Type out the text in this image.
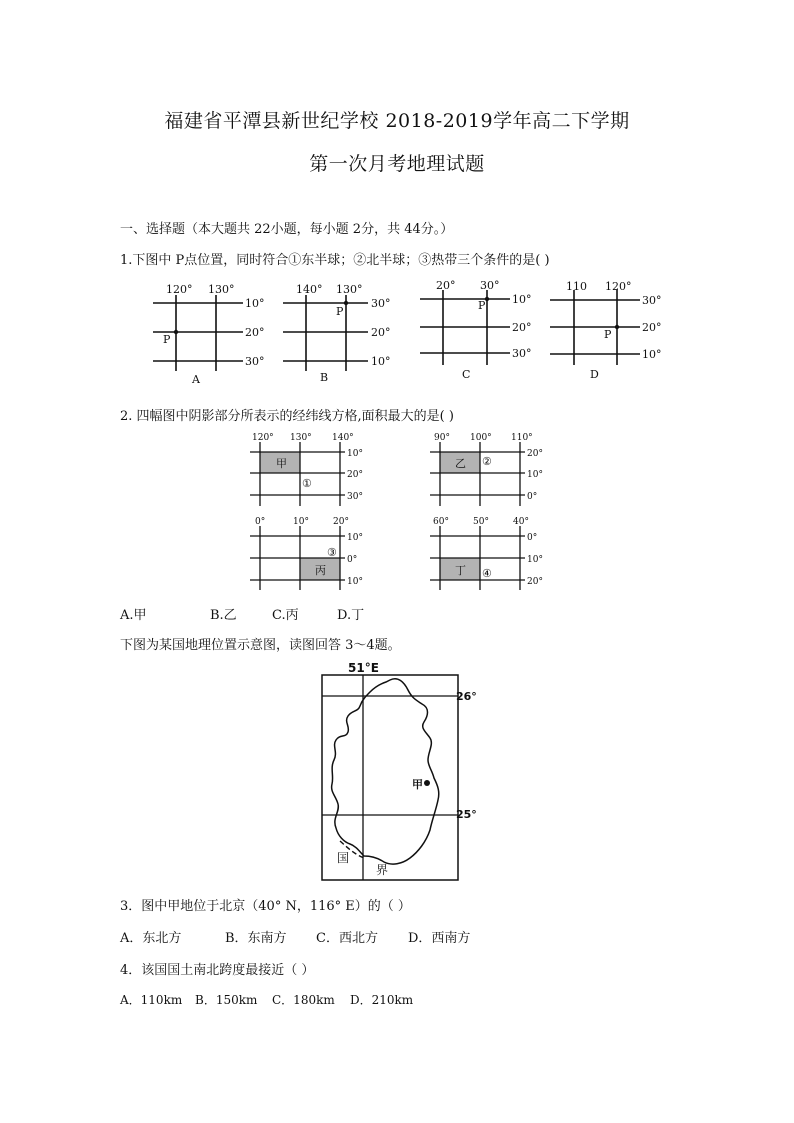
福建省平潭县新世纪学校 2018-2019学年高二下学期
第一次月考地理试题
一、选择题（本大题共 22小题，每小题 2分，共 44分。）
1.下图中 P点位置，同时符合①东半球；②北半球；③热带三个条件的是( )
120° 130°
10°
20°
30°
P
A
140° 130°
30°
20°
10°
P
B
20° 30°
10°
20°
30°
P
C
110 120°
30°
20°
10°
P
D
2. 四幅图中阴影部分所表示的经纬线方格,面积最大的是( )
120° 130° 140°
10°
20°
30°
甲
①
90° 100° 110°
20°
10°
0°
乙 ②
0°	10°	20°
10°
0°
10°
丙
③
60°	50°	40°
0°
10°
20°
丁 ④
A.甲	B.乙	C.丙	D.丁
下图为某国地理位置示意图，读图回答 3～4题。
51°E
26°
25°
甲
国
界
3．图中甲地位于北京（40° N，116° E）的（ ）
A．东北方	B．东南方 C．西北方 D．西南方
4．该国国土南北跨度最接近（ ）
A．110km B．150km C．180km D．210km
